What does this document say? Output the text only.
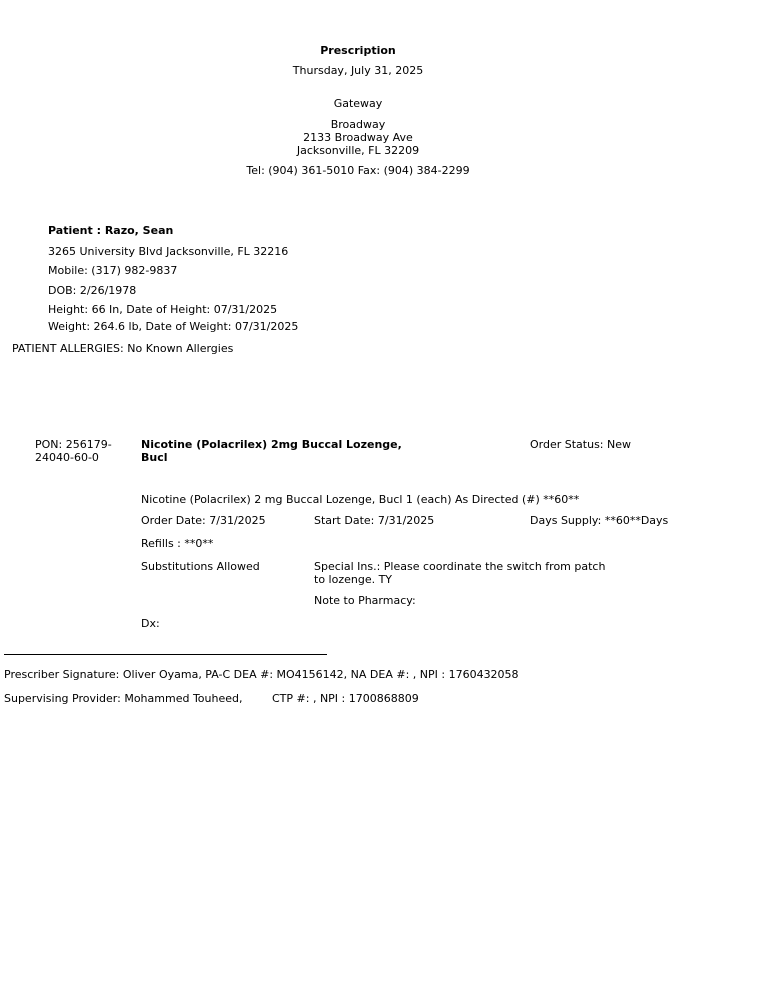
Prescription
Thursday, July 31, 2025
Gateway
Broadway
2133 Broadway Ave
Jacksonville, FL 32209
Tel: (904) 361-5010 Fax: (904) 384-2299
Patient : Razo, Sean
3265 University Blvd Jacksonville, FL 32216
Mobile: (317) 982-9837
DOB: 2/26/1978
Height: 66 In, Date of Height: 07/31/2025
Weight: 264.6 lb, Date of Weight: 07/31/2025
PATIENT ALLERGIES: No Known Allergies
PON: 256179-
24040-60-0
Nicotine (Polacrilex) 2mg Buccal Lozenge,
Bucl
Order Status: New
Nicotine (Polacrilex) 2 mg Buccal Lozenge, Bucl 1 (each) As Directed (#) **60**
Order Date: 7/31/2025	Start Date: 7/31/2025	Days Supply: **60**Days
Refills : **0**
Substitutions Allowed	Special Ins.: Please coordinate the switch from patch
to lozenge. TY
Note to Pharmacy:
Dx:
Prescriber Signature: Oliver Oyama, PA-C DEA #: MO4156142, NA DEA #: , NPI : 1760432058
Supervising Provider: Mohammed Touheed,	CTP #: , NPI : 1700868809
